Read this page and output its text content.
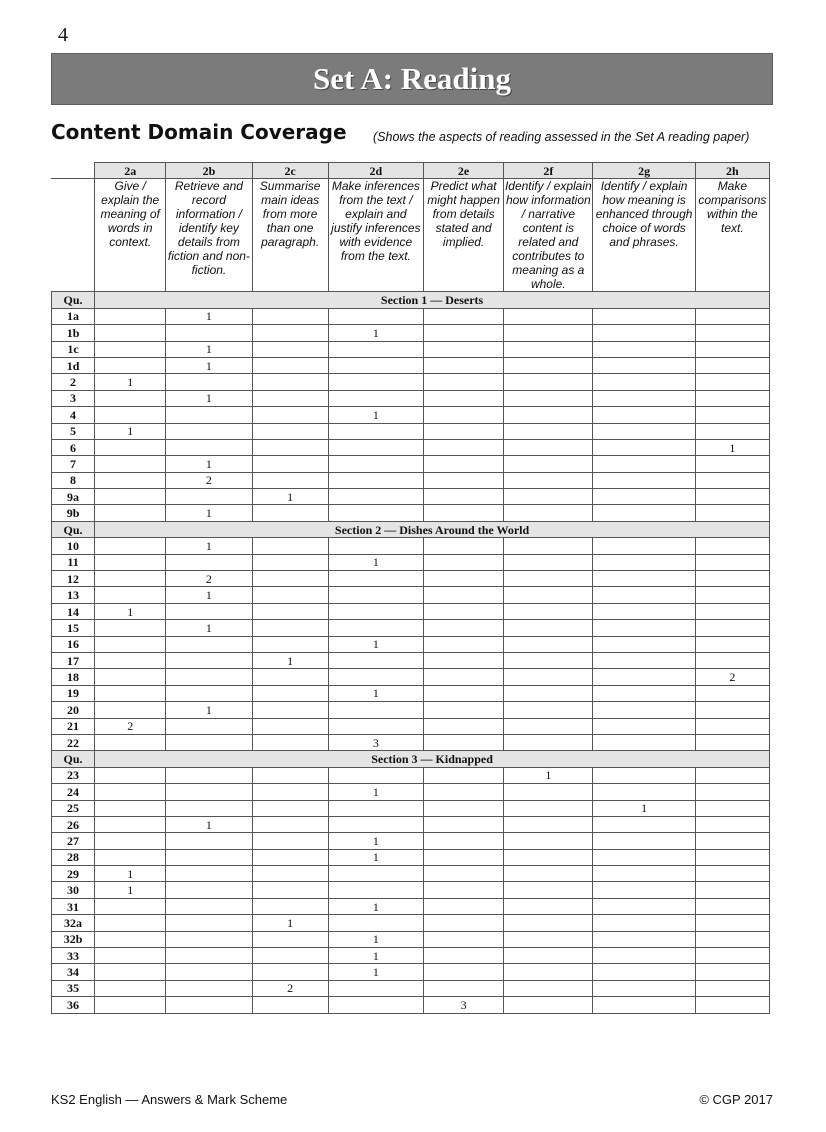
4
Set A: Reading
Content Domain Coverage (Shows the aspects of reading assessed in the Set A reading paper)
	2a	2b	2c	2d	2e	2f	2g	2h
	Give / explain the meaning of words in context.	Retrieve and record information / identify key details from fiction and non-fiction.	Summarise main ideas from more than one paragraph.	Make inferences from the text / explain and justify inferences with evidence from the text.	Predict what might happen from details stated and implied.	Identify / explain how information / narrative content is related and contributes to meaning as a whole.	Identify / explain how meaning is enhanced through choice of words and phrases.	Make comparisons within the text.
Qu.	Section 1 — Deserts							
1a		1						
1b				1				
1c		1						
1d		1						
2	1							
3		1						
4				1				
5	1							
6								1
7		1						
8		2						
9a			1					
9b		1						
Qu.	Section 2 — Dishes Around the World							
10		1						
11				1				
12		2						
13		1						
14	1							
15		1						
16				1				
17			1					
18								2
19				1				
20		1						
21	2							
22				3				
Qu.	Section 3 — Kidnapped							
23						1		
24				1				
25							1	
26		1						
27				1				
28				1				
29	1							
30	1							
31				1				
32a			1					
32b				1				
33				1				
34				1				
35			2					
36					3			
KS2 English — Answers & Mark Scheme	© CGP 2017
